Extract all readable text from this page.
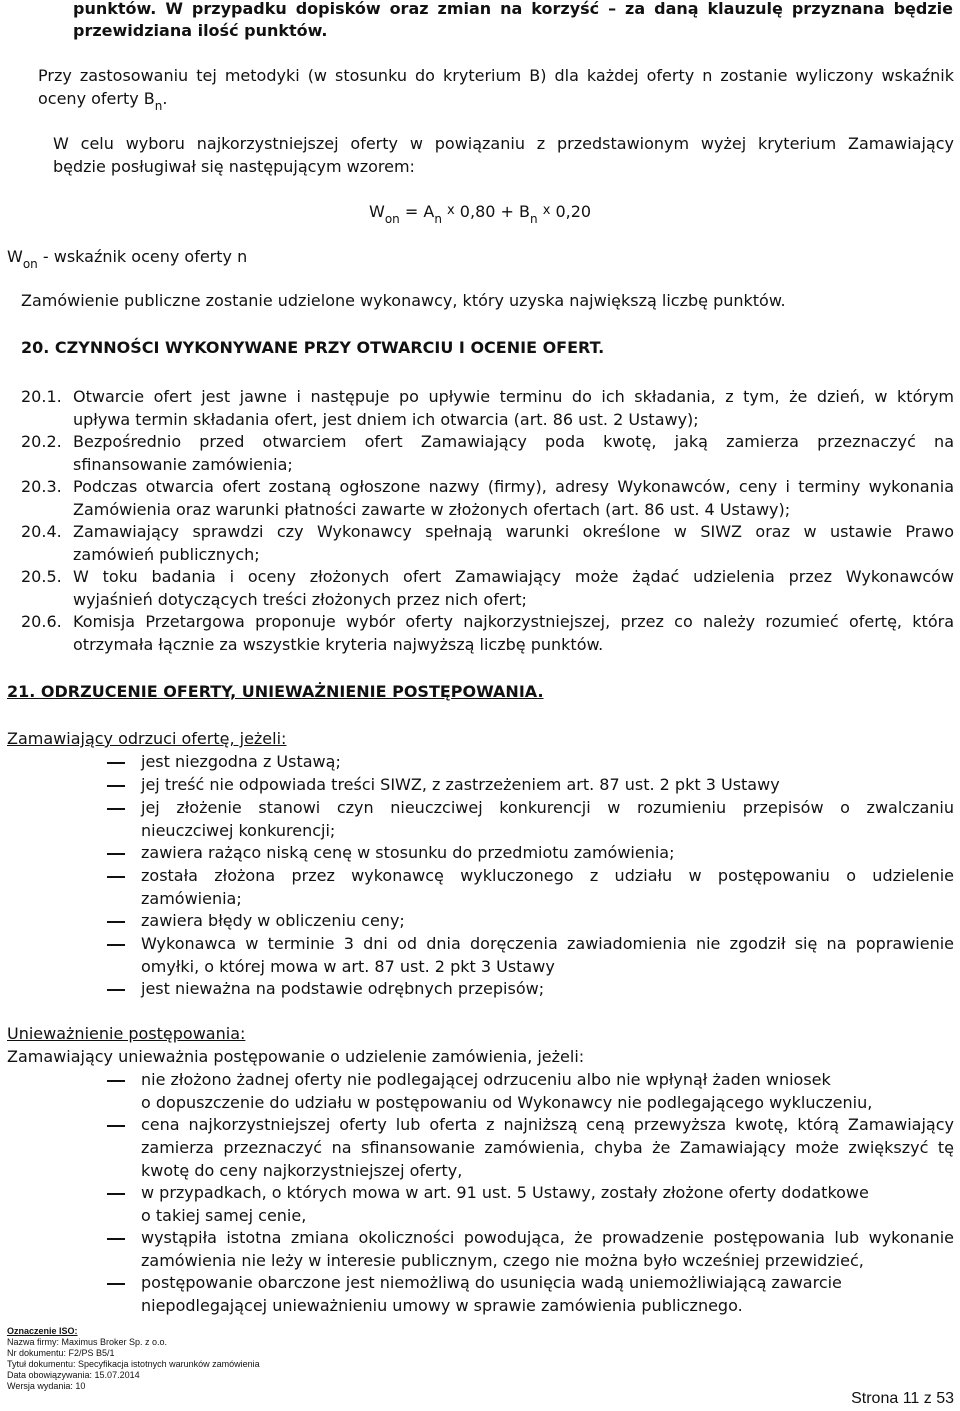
punktów. W przypadku dopisków oraz zmian na korzyść – za daną klauzulę przyznana będzie
przewidziana ilość punktów.
Przy zastosowaniu tej metodyki (w stosunku do kryterium B) dla każdej oferty n zostanie wyliczony wskaźnik
oceny oferty $B_n$.
W celu wyboru najkorzystniejszej oferty w powiązaniu z przedstawionym wyżej kryterium Zamawiający
będzie posługiwał się następującym wzorem:
$W_{on} = A_n$ x $0,80 + B_n$ x 0,20
$W_{on}$ - wskaźnik oceny oferty n
Zamówienie publiczne zostanie udzielone wykonawcy, który uzyska największą liczbę punktów.
20. CZYNNOŚCI WYKONYWANE PRZY OTWARCIU I OCENIE OFERT.
20.1. Otwarcie ofert jest jawne i następuje po upływie terminu do ich składania, z tym, że dzień, w którym
upływa termin składania ofert, jest dniem ich otwarcia (art. 86 ust. 2 Ustawy);
20.2. Bezpośrednio przed otwarciem ofert Zamawiający poda kwotę, jaką zamierza przeznaczyć na
sfinansowanie zamówienia;
20.3. Podczas otwarcia ofert zostaną ogłoszone nazwy (firmy), adresy Wykonawców, ceny i terminy wykonania
Zamówienia oraz warunki płatności zawarte w złożonych ofertach (art. 86 ust. 4 Ustawy);
20.4. Zamawiający sprawdzi czy Wykonawcy spełnają warunki określone w SIWZ oraz w ustawie Prawo
zamówień publicznych;
20.5. W toku badania i oceny złożonych ofert Zamawiający może żądać udzielenia przez Wykonawców
wyjaśnień dotyczących treści złożonych przez nich ofert;
20.6. Komisja Przetargowa proponuje wybór oferty najkorzystniejszej, przez co należy rozumieć ofertę, która
otrzymała łącznie za wszystkie kryteria najwyższą liczbę punktów.
21. ODRZUCENIE OFERTY, UNIEWAŻNIENIE POSTĘPOWANIA.
Zamawiający odrzuci ofertę, jeżeli:
jest niezgodna z Ustawą;
jej treść nie odpowiada treści SIWZ, z zastrzeżeniem art. 87 ust. 2 pkt 3 Ustawy
jej złożenie stanowi czyn nieuczciwej konkurencji w rozumieniu przepisów o zwalczaniu
nieuczciwej konkurencji;
zawiera rażąco niską cenę w stosunku do przedmiotu zamówienia;
została złożona przez wykonawcę wykluczonego z udziału w postępowaniu o udzielenie
zamówienia;
zawiera błędy w obliczeniu ceny;
Wykonawca w terminie 3 dni od dnia doręczenia zawiadomienia nie zgodził się na poprawienie
omyłki, o której mowa w art. 87 ust. 2 pkt 3 Ustawy
jest nieważna na podstawie odrębnych przepisów;
Unieważnienie postępowania:
Zamawiający unieważnia postępowanie o udzielenie zamówienia, jeżeli:
nie złożono żadnej oferty nie podlegającej odrzuceniu albo nie wpłynął żaden wniosek
o dopuszczenie do udziału w postępowaniu od Wykonawcy nie podlegającego wykluczeniu,
cena najkorzystniejszej oferty lub oferta z najniższą ceną przewyższa kwotę, którą Zamawiający
zamierza przeznaczyć na sfinansowanie zamówienia, chyba że Zamawiający może zwiększyć tę
kwotę do ceny najkorzystniejszej oferty,
w przypadkach, o których mowa w art. 91 ust. 5 Ustawy, zostały złożone oferty dodatkowe
o takiej samej cenie,
wystąpiła istotna zmiana okoliczności powodująca, że prowadzenie postępowania lub wykonanie
zamówienia nie leży w interesie publicznym, czego nie można było wcześniej przewidzieć,
postępowanie obarczone jest niemożliwą do usunięcia wadą uniemożliwiającą zawarcie
niepodlegającej unieważnieniu umowy w sprawie zamówienia publicznego.
Oznaczenie ISO:
Nazwa firmy: Maximus Broker Sp. z o.o.
Nr dokumentu: F2/PS B5/1
Tytuł dokumentu: Specyfikacja istotnych warunków zamówienia
Data obowiązywania: 15.07.2014
Wersja wydania: 10
Strona 11 z 53
